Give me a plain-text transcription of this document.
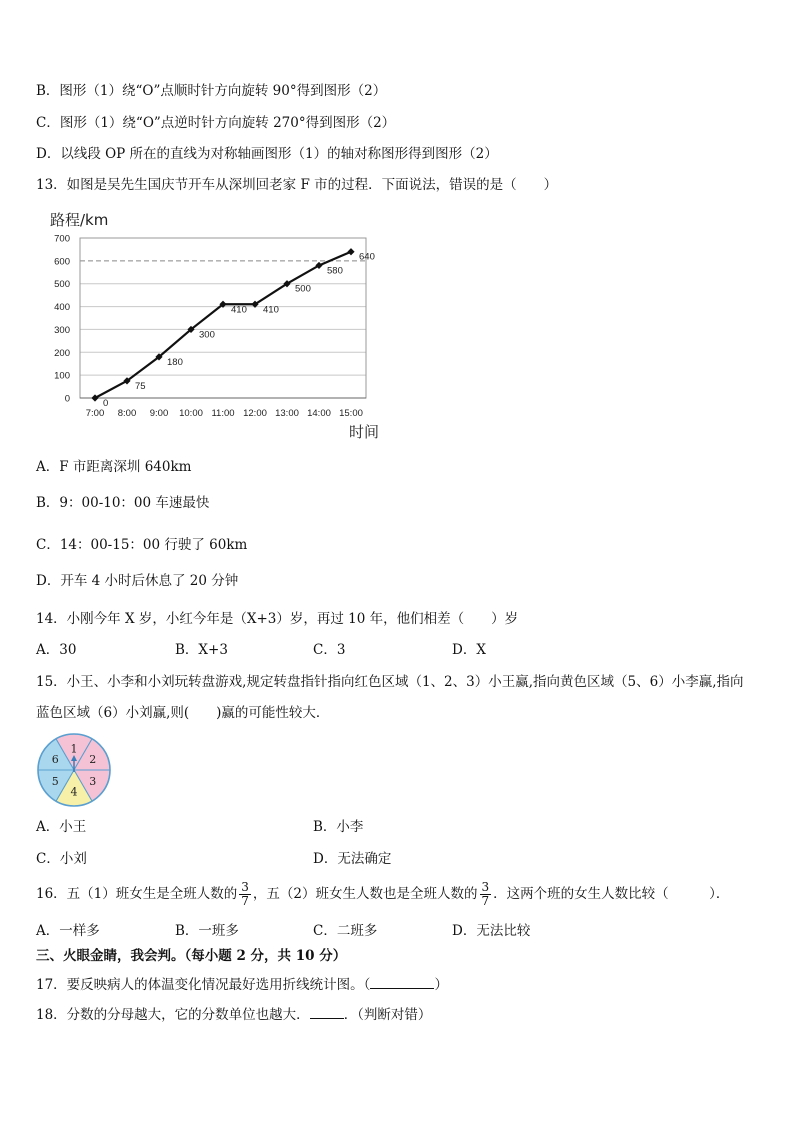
B．图形（1）绕“O”点顺时针方向旋转 90°得到图形（2）
C．图形（1）绕“O”点逆时针方向旋转 270°得到图形（2）
D．以线段 OP 所在的直线为对称轴画图形（1）的轴对称图形得到图形（2）
13．如图是吴先生国庆节开车从深圳回老家 F 市的过程．下面说法，错误的是（　　）
0
100
200
300
400
500
600
700
路程/km
时间
7:00 8:00 9:00 10:00 11:00 12:00 13:00 14:00 15:00
0
75
180
300
410 410
500
580
640
A．F 市距离深圳 640km
B．9：00-10：00 车速最快
C．14：00-15：00 行驶了 60km
D．开车 4 小时后休息了 20 分钟
14．小刚今年 X 岁，小红今年是（X+3）岁，再过 10 年，他们相差（　　）岁
A．30	B．X+3	C．3	D．X
15．小王、小李和小刘玩转盘游戏,规定转盘指针指向红色区域（1、2、3）小王赢,指向黄色区域（5、6）小李赢,指向
蓝色区域（6）小刘赢,则(　　)赢的可能性较大．
1
2
3
4
5
6
A．小王	B．小李
C．小刘	D．无法确定
16．五（1）班女生是全班人数的 $\frac{3}{7}$ ，五（2）班女生人数也是全班人数的 $\frac{3}{7}$ ．这两个班的女生人数比较（　　　）．
A．一样多	B．一班多	C．二班多	D．无法比较
三、火眼金睛，我会判。（每小题 2 分，共 10 分）
17．要反映病人的体温变化情况最好选用折线统计图。（	）
18．分数的分母越大，它的分数单位也越大．	．（判断对错）
